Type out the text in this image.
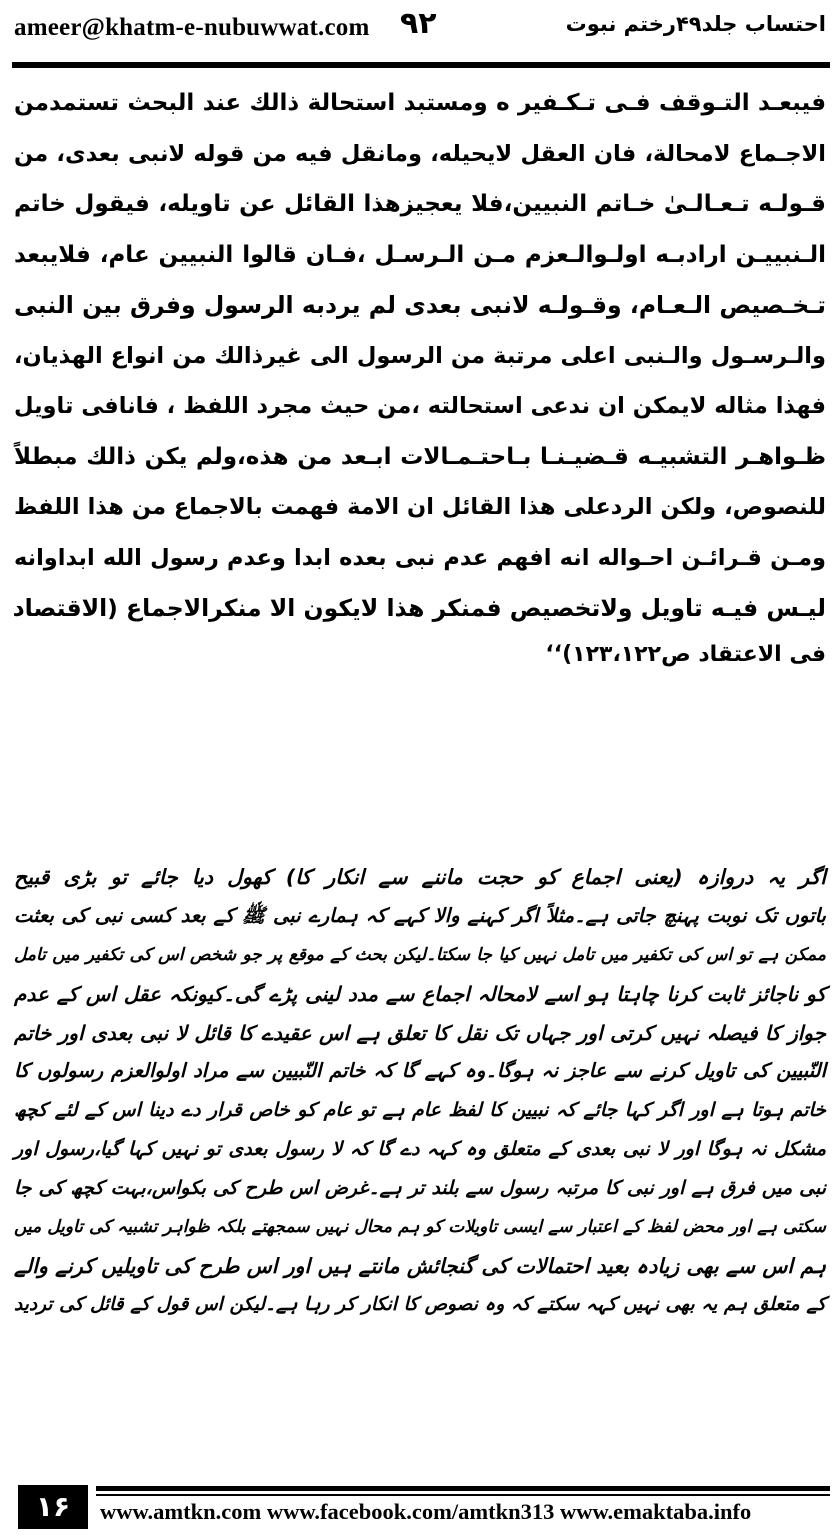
ameer@khatm-e-nubuwwat.com ۹۲	احتساب جلد۴۹رختم نبوت
فيبعـد التـوقف فـى تـكـفير ه ومستبد استحالة ذالك عند البحث تستمدمن
الاجـماع لامحالة، فان العقل لايحيله، ومانقل فيه من قوله لانبى بعدى، من
قـولـه تـعـالـىٰ خـاتم النبيين،فلا يعجيزهذا القائل عن تاويله، فيقول خاتم
الـنبييـن ارادبـه اولـوالـعزم مـن الـرسـل ،فـان قالوا النبيين عام، فلايبعد
تـخـصيص الـعـام، وقـولـه لانبى بعدى لم يردبه الرسول وفرق بين النبى
والـرسـول والـنبى اعلى مرتبة من الرسول الى غيرذالك من انواع الهذيان،
فهذا مثاله لايمكن ان ندعى استحالته ،من حيث مجرد اللفظ ، فانافى تاويل
ظـواهـر التشبيـه قـضيـنـا بـاحتـمـالات ابـعد من هذه،ولم يكن ذالك مبطلاً
للنصوص، ولكن الردعلى هذا القائل ان الامة فهمت بالاجماع من هذا اللفظ
ومـن قـرائـن احـواله انه افهم عدم نبى بعده ابدا وعدم رسول الله ابداوانه
ليـس فيـه تاويل ولاتخصيص فمنكر هذا لايكون الا منكرالاجماع (الاقتصاد
فى الاعتقاد ص۱۲۳،۱۲۲)‘‘
اگر یہ دروازہ (یعنی اجماع کو حجت ماننے سے انکار کا) کھول دیا جائے تو بڑی قبیح
باتوں تک نوبت پہنچ جاتی ہے۔مثلاً اگر کہنے والا کہے کہ ہمارے نبی ﷺ کے بعد کسی نبی کی بعثت
ممکن ہے تو اس کی تکفیر میں تامل نہیں کیا جا سکتا۔لیکن بحث کے موقع پر جو شخص اس کی تکفیر میں تامل
کو ناجائز ثابت کرنا چاہتا ہو اسے لامحالہ اجماع سے مدد لینی پڑے گی۔کیونکہ عقل اس کے عدم
جواز کا فیصلہ نہیں کرتی اور جہاں تک نقل کا تعلق ہے اس عقیدے کا قائل لا نبی بعدی اور خاتم
النّبیین کی تاویل کرنے سے عاجز نہ ہوگا۔وہ کہے گا کہ خاتم النّبیین سے مراد اولوالعزم رسولوں کا
خاتم ہوتا ہے اور اگر کہا جائے کہ نبیین کا لفظ عام ہے تو عام کو خاص قرار دے دینا اس کے لئے کچھ
مشکل نہ ہوگا اور لا نبی بعدی کے متعلق وہ کہہ دے گا کہ لا رسول بعدی تو نہیں کہا گیا،رسول اور
نبی میں فرق ہے اور نبی کا مرتبہ رسول سے بلند تر ہے۔غرض اس طرح کی بکواس،بہت کچھ کی جا
سکتی ہے اور محض لفظ کے اعتبار سے ایسی تاویلات کو ہم محال نہیں سمجھتے بلکہ ظواہر تشبیہ کی تاویل میں
ہم اس سے بھی زیادہ بعید احتمالات کی گنجائش مانتے ہیں اور اس طرح کی تاویلیں کرنے والے
کے متعلق ہم یہ بھی نہیں کہہ سکتے کہ وہ نصوص کا انکار کر رہا ہے۔لیکن اس قول کے قائل کی تردید
۱۶	www.amtkn.com www.facebook.com/amtkn313 www.emaktaba.info
